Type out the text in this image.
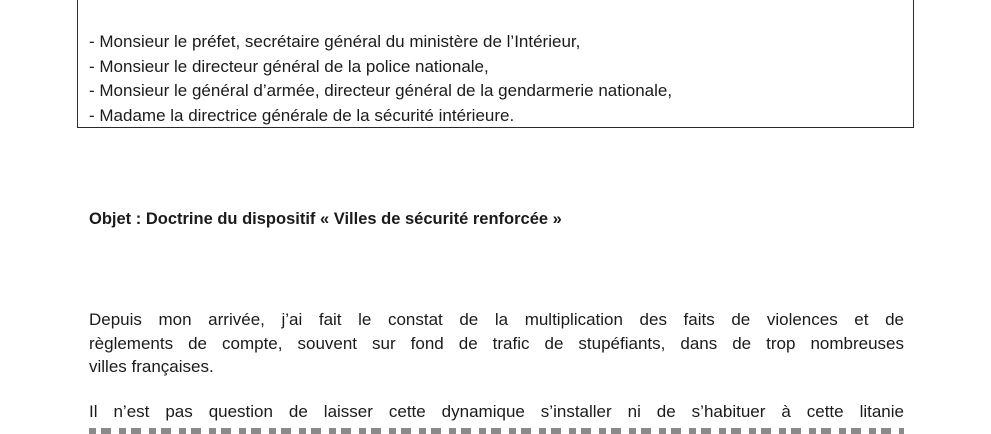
- Monsieur le préfet, secrétaire général du ministère de l’Intérieur,
- Monsieur le directeur général de la police nationale,
- Monsieur le général d’armée, directeur général de la gendarmerie nationale,
- Madame la directrice générale de la sécurité intérieure.
Objet : Doctrine du dispositif « Villes de sécurité renforcée »

Depuis mon arrivée, j’ai fait le constat de la multiplication des faits de violences et de
règlements de compte, souvent sur fond de trafic de stupéfiants, dans de trop nombreuses
villes françaises.

Il n’est pas question de laisser cette dynamique s’installer ni de s’habituer à cette litanie
